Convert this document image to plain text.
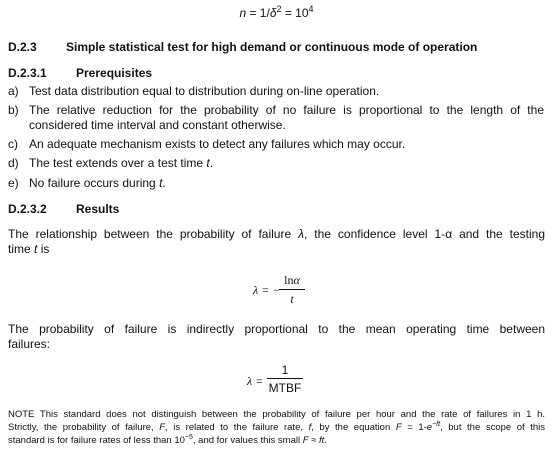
$n = 1/\delta^2 = 10^4$
D.2.3 Simple statistical test for high demand or continuous mode of operation
D.2.3.1 Prerequisites
a) Test data distribution equal to distribution during on-line operation.
b) The relative reduction for the probability of no failure is proportional to the length of the
considered time interval and constant otherwise.
c) An adequate mechanism exists to detect any failures which may occur.
d) The test extends over a test time t.
e) No failure occurs during t.
D.2.3.2 Results
The relationship between the probability of failure λ, the confidence level 1-α and the testing
time t is
λ = −
lnα
t
The probability of failure is indirectly proportional to the mean operating time between
failures:
λ =
1
MTBF
NOTE This standard does not distinguish between the probability of failure per hour and the rate of failures in 1 h.
Strictly, the probability of failure, F, is related to the failure rate, f, by the equation $F = 1-e^{-ft}$, but the scope of this
standard is for failure rates of less than $10^{-5}$, and for values this small F ≈ ft.
